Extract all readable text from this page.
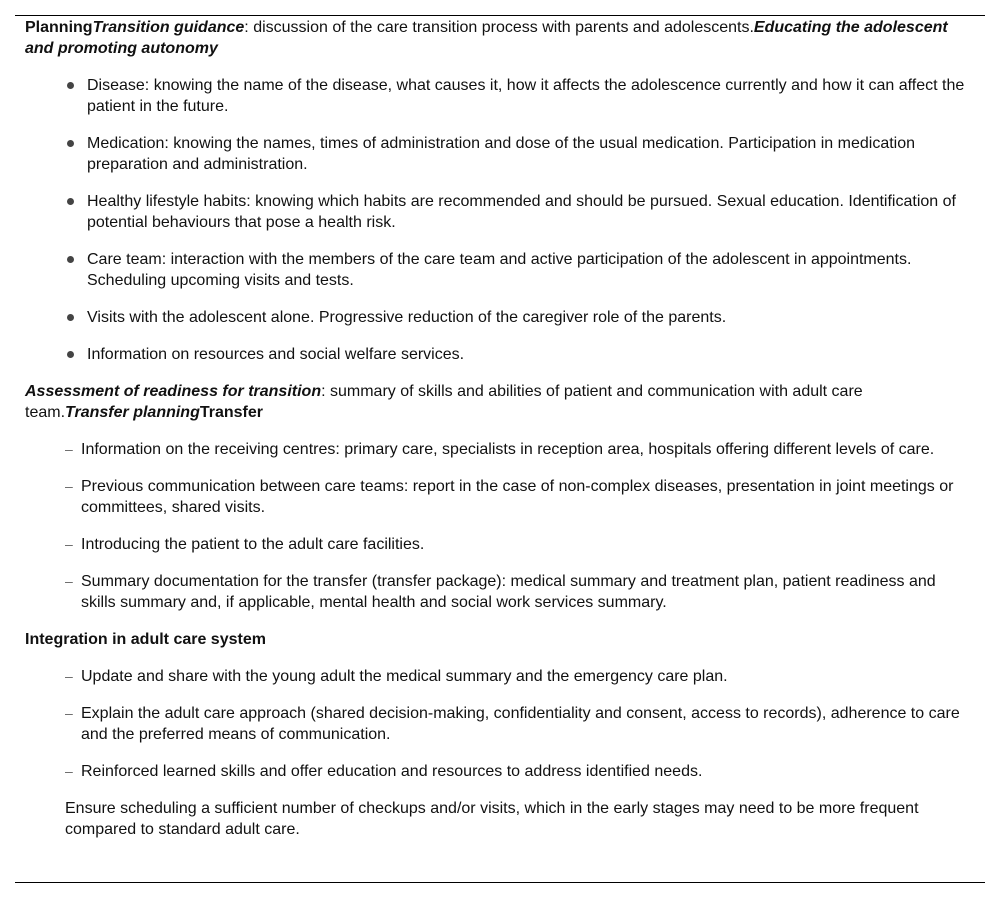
PlanningTransition guidance: discussion of the care transition process with parents and adolescents.Educating the adolescent and promoting autonomy

Disease: knowing the name of the disease, what causes it, how it affects the adolescence currently and how it can affect the patient in the future.
Medication: knowing the names, times of administration and dose of the usual medication. Participation in medication preparation and administration.
Healthy lifestyle habits: knowing which habits are recommended and should be pursued. Sexual education. Identification of potential behaviours that pose a health risk.
Care team: interaction with the members of the care team and active participation of the adolescent in appointments. Scheduling upcoming visits and tests.
Visits with the adolescent alone. Progressive reduction of the caregiver role of the parents.
Information on resources and social welfare services.

Assessment of readiness for transition: summary of skills and abilities of patient and communication with adult care team.Transfer planningTransfer

– Information on the receiving centres: primary care, specialists in reception area, hospitals offering different levels of care.
– Previous communication between care teams: report in the case of non-complex diseases, presentation in joint meetings or committees, shared visits.
– Introducing the patient to the adult care facilities.
– Summary documentation for the transfer (transfer package): medical summary and treatment plan, patient readiness and skills summary and, if applicable, mental health and social work services summary.

Integration in adult care system

– Update and share with the young adult the medical summary and the emergency care plan.
– Explain the adult care approach (shared decision-making, confidentiality and consent, access to records), adherence to care and the preferred means of communication.
– Reinforced learned skills and offer education and resources to address identified needs.

Ensure scheduling a sufficient number of checkups and/or visits, which in the early stages may need to be more frequent compared to standard adult care.
